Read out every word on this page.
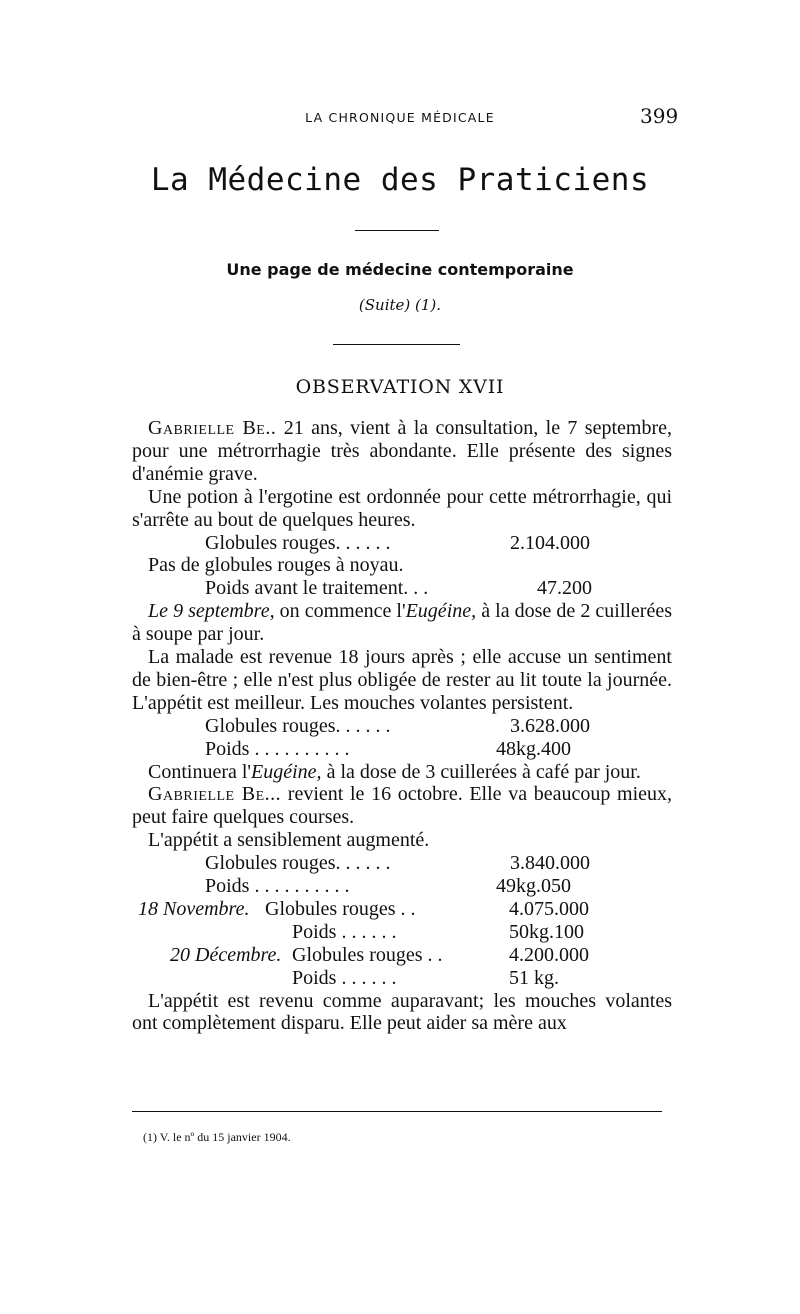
LA CHRONIQUE MÉDICALE	399
La Médecine des Praticiens
Une page de médecine contemporaine
(Suite) (1).
OBSERVATION XVII

Gabrielle Be.. 21 ans, vient à la consultation, le 7 septembre, pour une métrorrhagie très abondante. Elle présente des signes d'anémie grave.

Une potion à l'ergotine est ordonnée pour cette métrorrhagie, qui s'arrête au bout de quelques heures.

Globules rouges. . . . . .	2.104.000

Pas de globules rouges à noyau.

Poids avant le traitement. . .	47.200

Le 9 septembre, on commence l'Eugéine, à la dose de 2 cuillerées à soupe par jour.

La malade est revenue 18 jours après ; elle accuse un sentiment de bien-être ; elle n'est plus obligée de rester au lit toute la journée. L'appétit est meilleur. Les mouches volantes persistent.

Globules rouges. . . . . .	3.628.000
Poids . . . . . . . . . .	48kg.400

Continuera l'Eugéine, à la dose de 3 cuillerées à café par jour.

Gabrielle Be... revient le 16 octobre. Elle va beaucoup mieux, peut faire quelques courses.

L'appétit a sensiblement augmenté.

Globules rouges. . . . . .	3.840.000
Poids . . . . . . . . . .	49kg.050
18 Novembre. Globules rouges . .	4.075.000
Poids . . . . . .	50kg.100
20 Décembre. Globules rouges . .	4.200.000
Poids . . . . . .	51 kg.

L'appétit est revenu comme auparavant; les mouches volantes ont complètement disparu. Elle peut aider sa mère aux

(1) V. le nº du 15 janvier 1904.
